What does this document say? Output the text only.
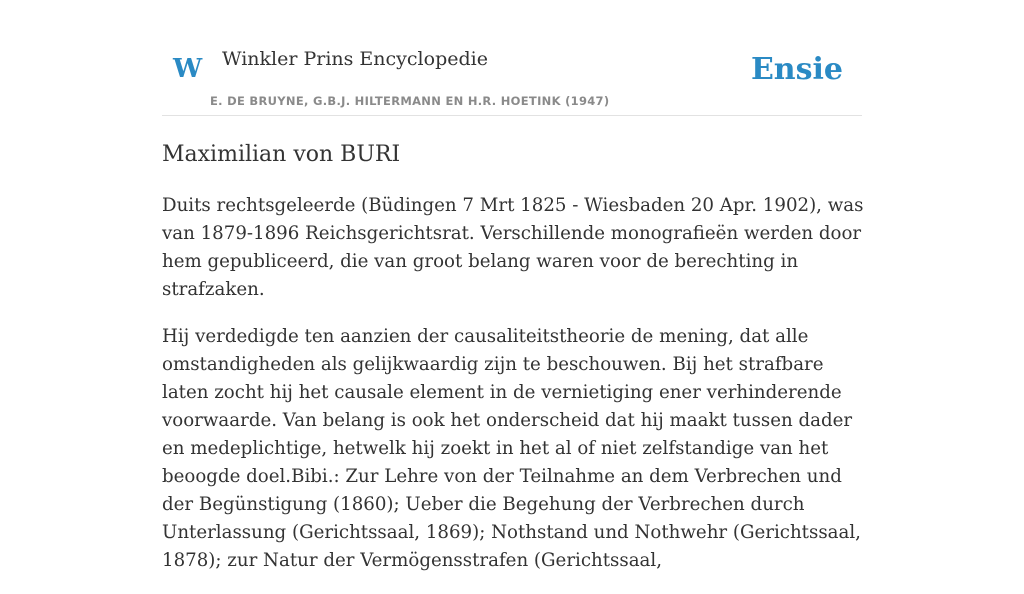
W Winkler Prins Encyclopedie
E. DE BRUYNE, G.B.J. HILTERMANN EN H.R. HOETINK (1947)
Ensie
Maximilian von BURI

Duits rechtsgeleerde (Büdingen 7 Mrt 1825 - Wiesbaden 20 Apr. 1902), was van 1879-1896 Reichsgerichtsrat. Verschillende monografieën werden door hem gepubliceerd, die van groot belang waren voor de berechting in strafzaken.

Hij verdedigde ten aanzien der causaliteitstheorie de mening, dat alle omstandigheden als gelijkwaardig zijn te beschouwen. Bij het strafbare laten zocht hij het causale element in de vernietiging ener verhinderende voorwaarde. Van belang is ook het onderscheid dat hij maakt tussen dader en medeplichtige, hetwelk hij zoekt in het al of niet zelfstandige van het beoogde doel.Bibi.: Zur Lehre von der Teilnahme an dem Verbrechen und der Begünstigung (1860); Ueber die Begehung der Verbrechen durch Unterlassung (Gerichtssaal, 1869); Nothstand und Nothwehr (Gerichtssaal, 1878); zur Natur der Vermögensstrafen (Gerichtssaal,
